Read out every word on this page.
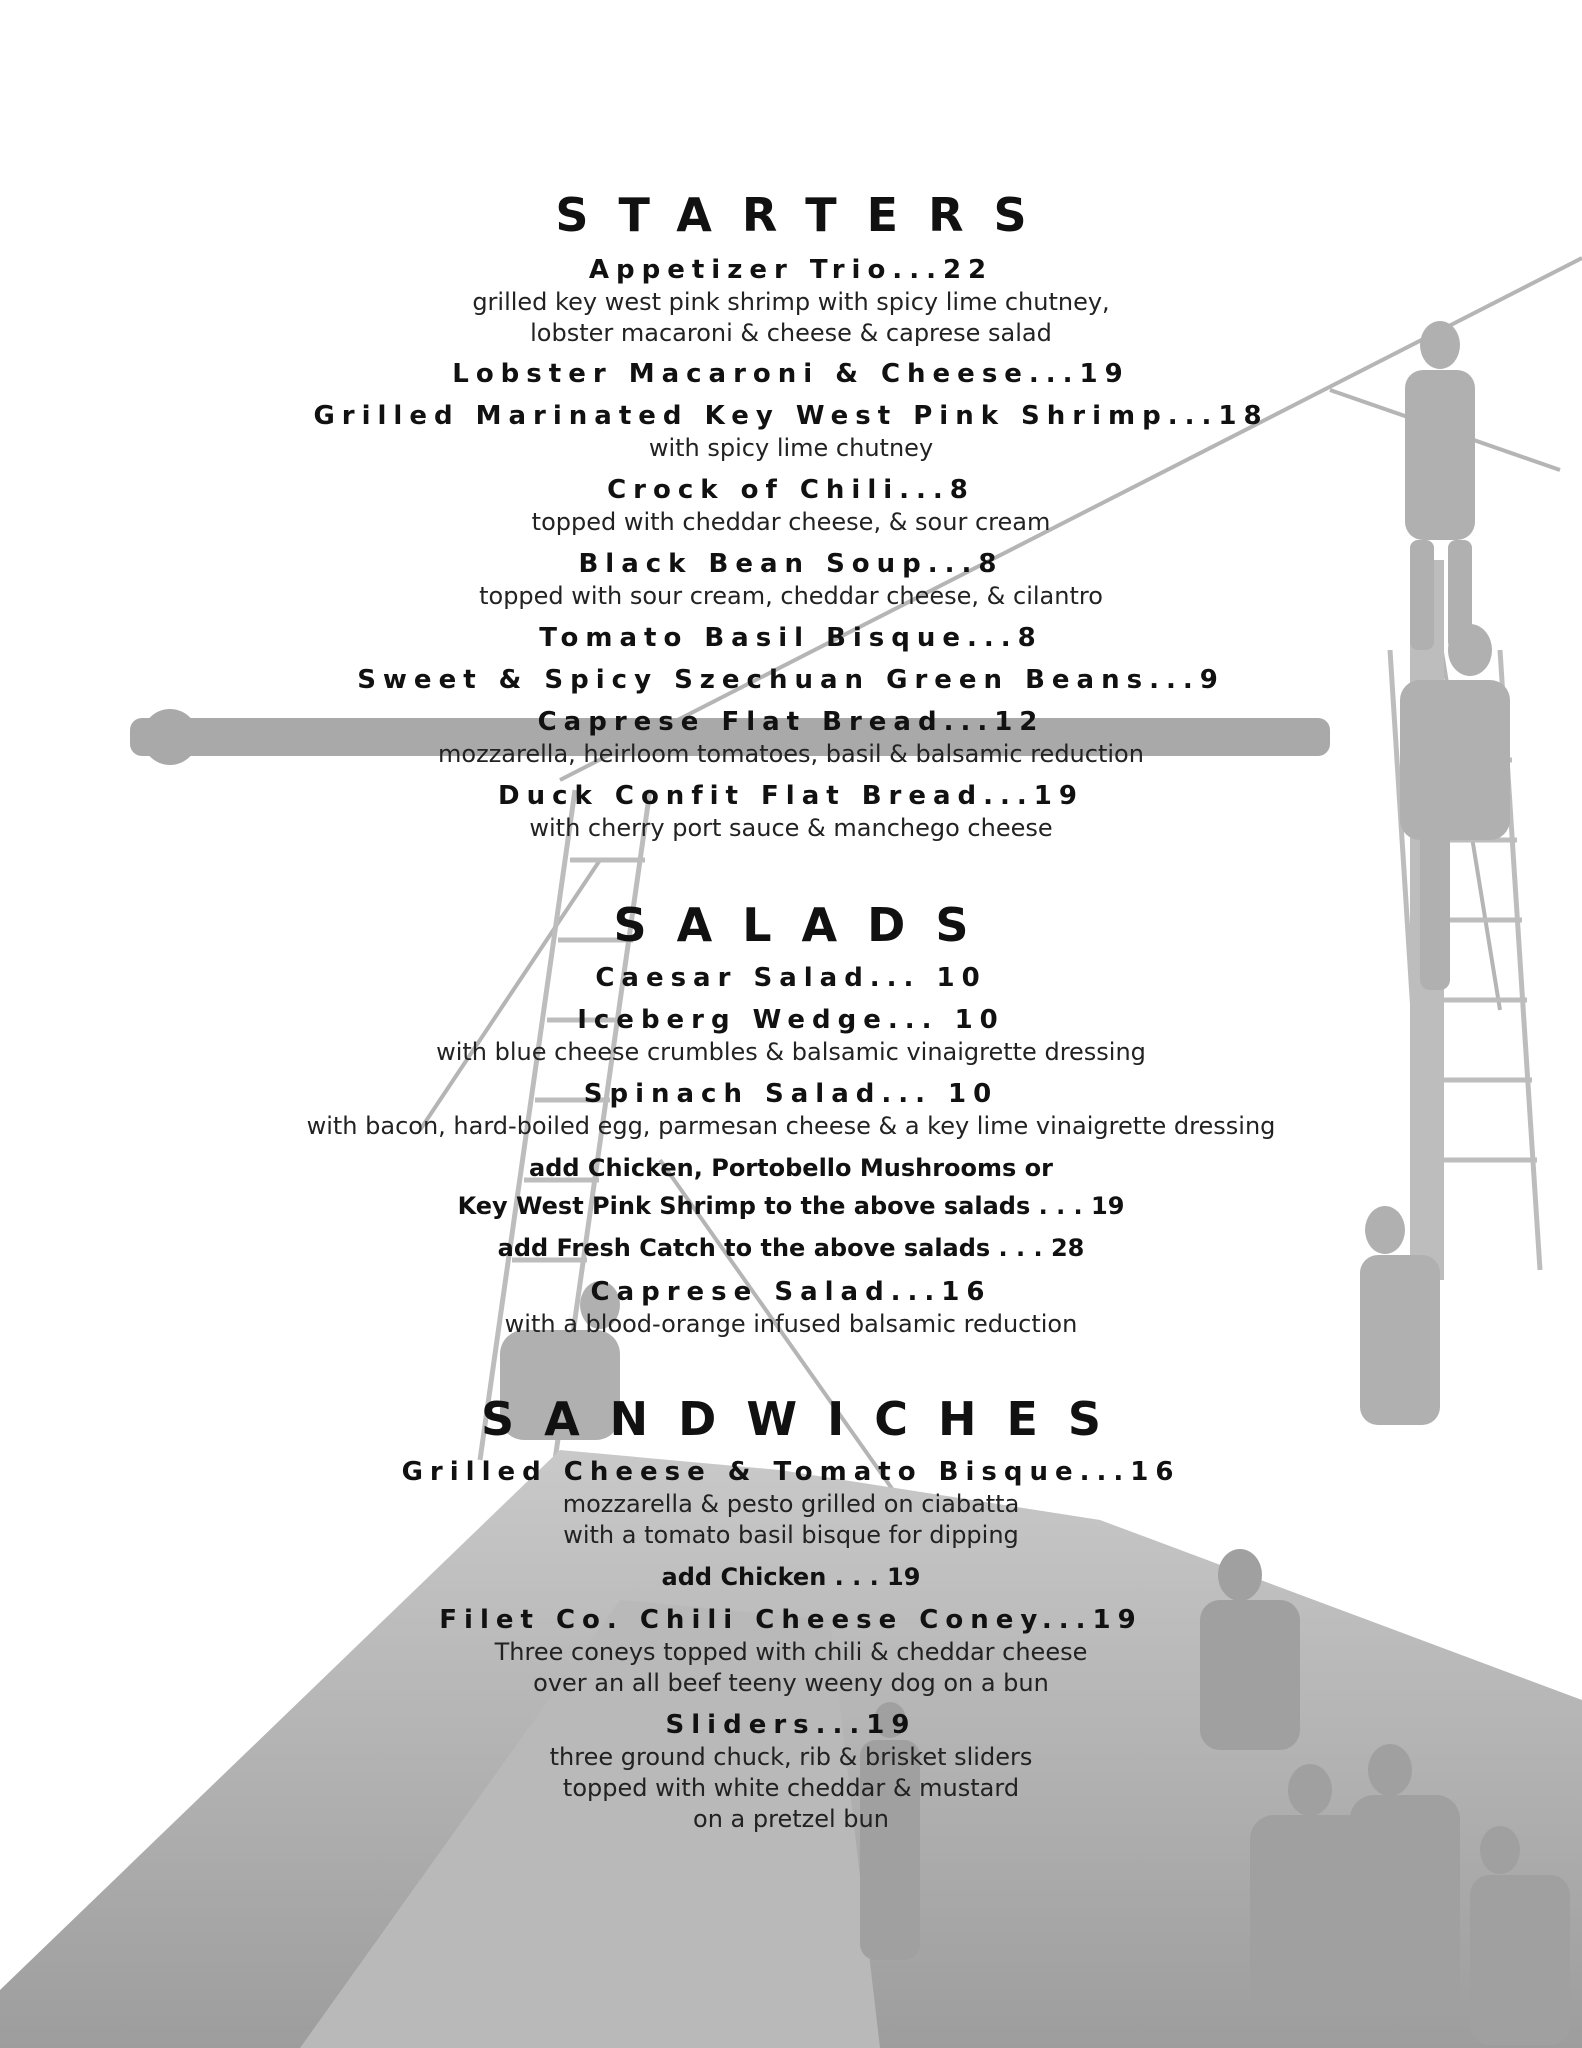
STARTERS
Appetizer Trio...22
grilled key west pink shrimp with spicy lime chutney,
lobster macaroni & cheese & caprese salad
Lobster Macaroni & Cheese...19
Grilled Marinated Key West Pink Shrimp...18
with spicy lime chutney
Crock of Chili...8
topped with cheddar cheese, & sour cream
Black Bean Soup...8
topped with sour cream, cheddar cheese, & cilantro
Tomato Basil Bisque...8
Sweet & Spicy Szechuan Green Beans...9
Caprese Flat Bread...12
mozzarella, heirloom tomatoes, basil & balsamic reduction
Duck Confit Flat Bread...19
with cherry port sauce & manchego cheese
SALADS
Caesar Salad... 10
Iceberg Wedge... 10
with blue cheese crumbles & balsamic vinaigrette dressing
Spinach Salad... 10
with bacon, hard-boiled egg, parmesan cheese & a key lime vinaigrette dressing
add Chicken, Portobello Mushrooms or
Key West Pink Shrimp to the above salads . . . 19
add Fresh Catch to the above salads . . . 28
Caprese Salad...16
with a blood-orange infused balsamic reduction
SANDWICHES
Grilled Cheese & Tomato Bisque...16
mozzarella & pesto grilled on ciabatta
with a tomato basil bisque for dipping
add Chicken . . . 19
Filet Co. Chili Cheese Coney...19
Three coneys topped with chili & cheddar cheese
over an all beef teeny weeny dog on a bun
Sliders...19
three ground chuck, rib & brisket sliders
topped with white cheddar & mustard
on a pretzel bun
